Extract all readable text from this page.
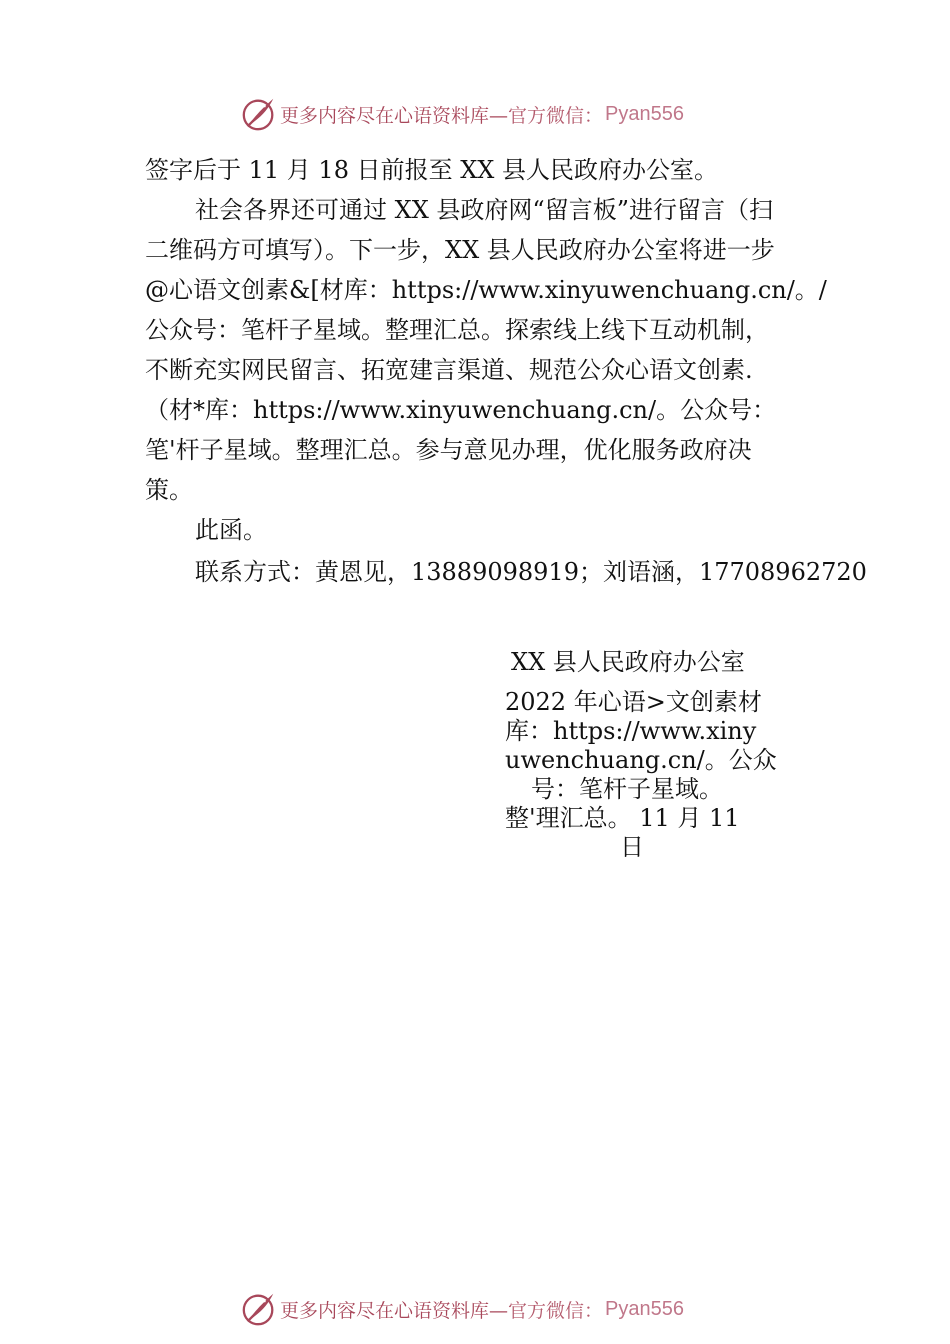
更多内容尽在心语资料库— 官方微信： Pyan556
签字后于 11 月 18 日前报至 XX 县人民政府办公室。
社会各界还可通过 XX 县政府网“留言板”进行留言（扫
二维码方可填写）。下一步，XX 县人民政府办公室将进一步
@心语文创素&[材库：https://www.xinyuwenchuang.cn/。/
公众号：笔杆子星域。整理汇总。探索线上线下互动机制，
不断充实网民留言、拓宽建言渠道、规范公众心语文创素.
（材*库：https://www.xinyuwenchuang.cn/。公众号：
笔'杆子星域。整理汇总。参与意见办理，优化服务政府决
策。
此函。
联系方式：黄恩见，13889098919；刘语涵，17708962720
XX 县人民政府办公室
2022 年心语>文创素材
库：https://www.xiny
uwenchuang.cn/。公众
号：笔杆子星域。
整'理汇总。 11 月 11
日
更多内容尽在心语资料库— 官方微信： Pyan556
